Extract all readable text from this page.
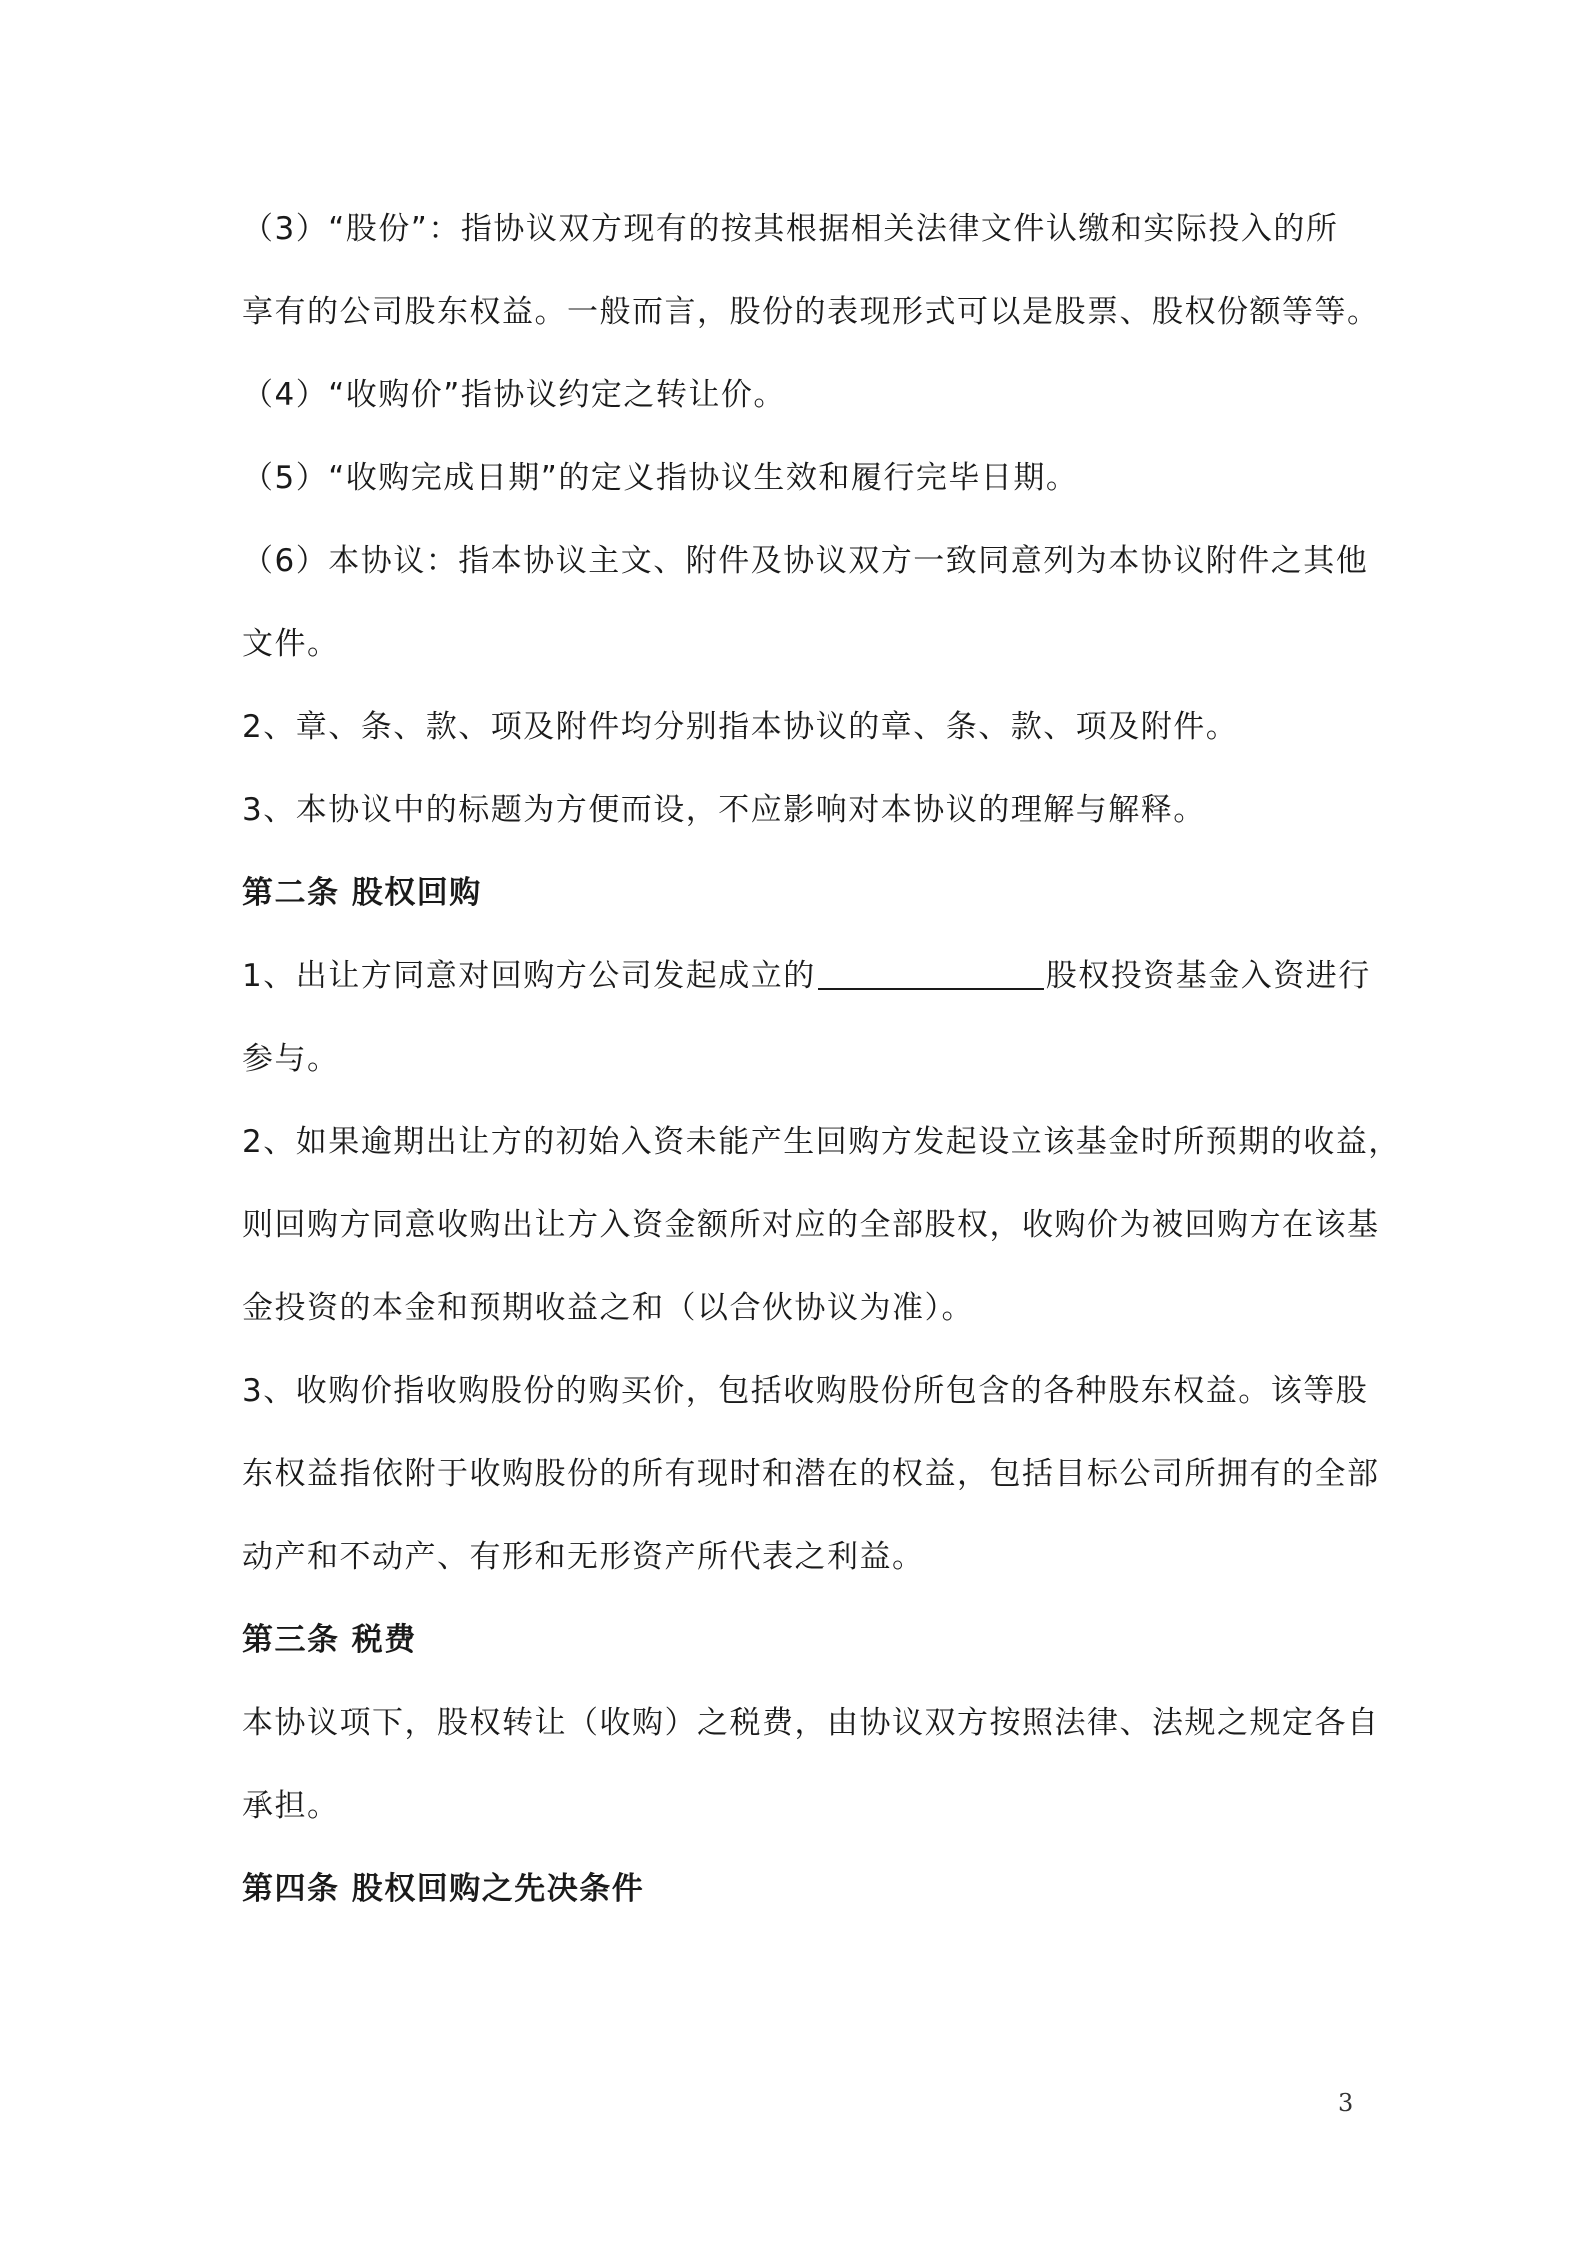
（3）“股份”：指协议双方现有的按其根据相关法律文件认缴和实际投入的所
享有的公司股东权益。一般而言，股份的表现形式可以是股票、股权份额等等。
（4）“收购价”指协议约定之转让价。
（5）“收购完成日期”的定义指协议生效和履行完毕日期。
（6）本协议：指本协议主文、附件及协议双方一致同意列为本协议附件之其他
文件。
2、章、条、款、项及附件均分别指本协议的章、条、款、项及附件。
3、本协议中的标题为方便而设，不应影响对本协议的理解与解释。
第二条 股权回购
1、出让方同意对回购方公司发起成立的	股权投资基金入资进行
参与。
2、如果逾期出让方的初始入资未能产生回购方发起设立该基金时所预期的收益，
则回购方同意收购出让方入资金额所对应的全部股权，收购价为被回购方在该基
金投资的本金和预期收益之和（以合伙协议为准）。
3、收购价指收购股份的购买价，包括收购股份所包含的各种股东权益。该等股
东权益指依附于收购股份的所有现时和潜在的权益，包括目标公司所拥有的全部
动产和不动产、有形和无形资产所代表之利益。
第三条 税费
本协议项下，股权转让（收购）之税费，由协议双方按照法律、法规之规定各自
承担。
第四条 股权回购之先决条件
3
